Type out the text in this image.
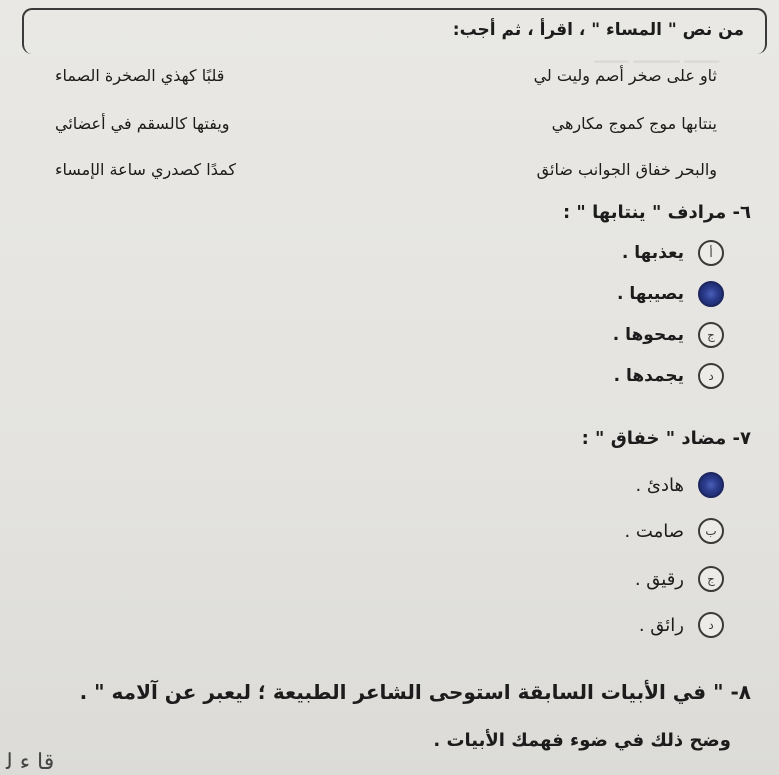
▁▁▁ ▁▁▁▁ ▁▁▁
من نص " المساء " ، اقرأ ، ثم أجب:
ثاو على صخر أصم وليت لي
قلبًا كهذي الصخرة الصماء
ينتابها موج كموج مكارهي
ويفتها كالسقم في أعضائي
والبحر خفاق الجوانب ضائق
كمدًا كصدري ساعة الإمساء
٦- مرادف " ينتابها " :
أ
يعذبها .
يصيبها .
ج
يمحوها .
د
يجمدها .
٧- مضاد " خفاق " :
هادئ .
ب
صامت .
ج
رقيق .
د
رائق .
٨- " في الأبيات السابقة استوحى الشاعر الطبيعة ؛ ليعبر عن آلامه " .
وضح ذلك في ضوء فهمك الأبيات .
ﻗﺎ ﺀ ﻟ
